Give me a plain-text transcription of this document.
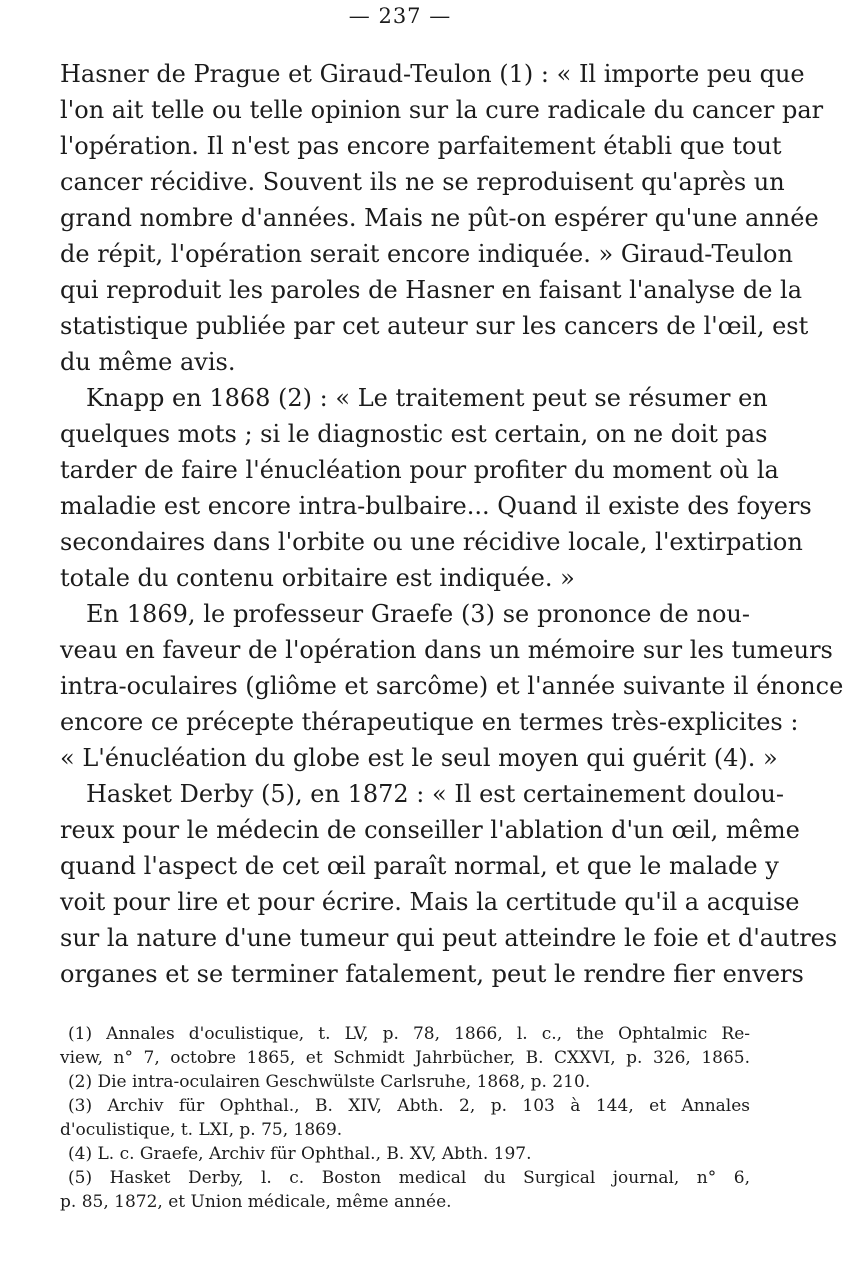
— 237 —
Hasner de Prague et Giraud-Teulon (1) : « Il importe peu que
l'on ait telle ou telle opinion sur la cure radicale du cancer par
l'opération. Il n'est pas encore parfaitement établi que tout
cancer récidive. Souvent ils ne se reproduisent qu'après un
grand nombre d'années. Mais ne pût-on espérer qu'une année
de répit, l'opération serait encore indiquée. » Giraud-Teulon
qui reproduit les paroles de Hasner en faisant l'analyse de la
statistique publiée par cet auteur sur les cancers de l'œil, est
du même avis.
Knapp en 1868 (2) : « Le traitement peut se résumer en
quelques mots ; si le diagnostic est certain, on ne doit pas
tarder de faire l'énucléation pour profiter du moment où la
maladie est encore intra-bulbaire... Quand il existe des foyers
secondaires dans l'orbite ou une récidive locale, l'extirpation
totale du contenu orbitaire est indiquée. »
En 1869, le professeur Graefe (3) se prononce de nou-
veau en faveur de l'opération dans un mémoire sur les tumeurs
intra-oculaires (gliôme et sarcôme) et l'année suivante il énonce
encore ce précepte thérapeutique en termes très-explicites :
« L'énucléation du globe est le seul moyen qui guérit (4). »
Hasket Derby (5), en 1872 : « Il est certainement doulou-
reux pour le médecin de conseiller l'ablation d'un œil, même
quand l'aspect de cet œil paraît normal, et que le malade y
voit pour lire et pour écrire. Mais la certitude qu'il a acquise
sur la nature d'une tumeur qui peut atteindre le foie et d'autres
organes et se terminer fatalement, peut le rendre fier envers
(1) Annales d'oculistique, t. LV, p. 78, 1866, l. c., the Ophtalmic Re-
view, n° 7, octobre 1865, et Schmidt Jahrbücher, B. CXXVI, p. 326, 1865.
(2) Die intra-oculairen Geschwülste Carlsruhe, 1868, p. 210.
(3) Archiv für Ophthal., B. XIV, Abth. 2, p. 103 à 144, et Annales
d'oculistique, t. LXI, p. 75, 1869.
(4) L. c. Graefe, Archiv für Ophthal., B. XV, Abth. 197.
(5) Hasket Derby, l. c. Boston medical du Surgical journal, n° 6,
p. 85, 1872, et Union médicale, même année.
